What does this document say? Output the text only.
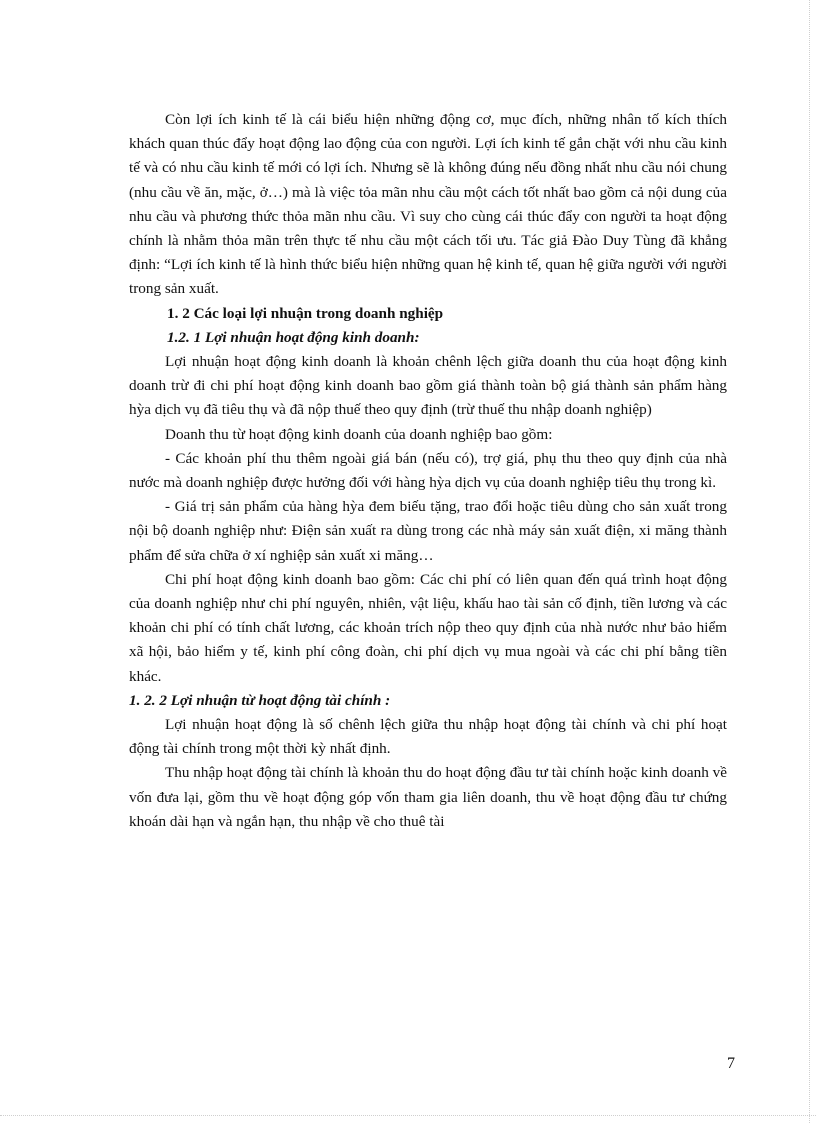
Còn lợi ích kinh tế là cái biểu hiện những động cơ, mục đích, những nhân tố kích thích khách quan thúc đẩy hoạt động lao động của con người. Lợi ích kinh tế gắn chặt với nhu cầu kinh tế và có nhu cầu kinh tế mới có lợi ích. Nhưng sẽ là không đúng nếu đồng nhất nhu cầu nói chung (nhu cầu về ăn, mặc, ở…) mà là việc tỏa mãn nhu cầu một cách tốt nhất bao gồm cả nội dung của nhu cầu và phương thức thỏa mãn nhu cầu. Vì suy cho cùng cái thúc đẩy con người ta hoạt động chính là nhằm thỏa mãn trên thực tế nhu cầu một cách tối ưu. Tác giả Đào Duy Tùng đã khẳng định: “Lợi ích kinh tế là hình thức biểu hiện những quan hệ kinh tế, quan hệ giữa người với người trong sản xuất.

1. 2 Các loại lợi nhuận trong doanh nghiệp

1.2. 1 Lợi nhuận hoạt động kinh doanh:

Lợi nhuận hoạt động kinh doanh là khoản chênh lệch giữa doanh thu của hoạt động kinh doanh trừ đi chi phí hoạt động kinh doanh bao gồm giá thành toàn bộ giá thành sản phẩm hàng hỳa dịch vụ đã tiêu thụ và đã nộp thuế theo quy định (trừ thuế thu nhập doanh nghiệp)

Doanh thu từ hoạt động kinh doanh của doanh nghiệp bao gồm:

- Các khoản phí thu thêm ngoài giá bán (nếu có), trợ giá, phụ thu theo quy định của nhà nước mà doanh nghiệp được hưởng đối với hàng hỳa dịch vụ của doanh nghiệp tiêu thụ trong kì.

- Giá trị sản phẩm của hàng hỳa đem biếu tặng, trao đổi hoặc tiêu dùng cho sản xuất trong nội bộ doanh nghiệp như: Điện sản xuất ra dùng trong các nhà máy sản xuất điện, xi măng thành phẩm để sửa chữa ở xí nghiệp sản xuất xi măng…

Chi phí hoạt động kinh doanh bao gồm: Các chi phí có liên quan đến quá trình hoạt động của doanh nghiệp như chi phí nguyên, nhiên, vật liệu, khấu hao tài sản cố định, tiền lương và các khoản chi phí có tính chất lương, các khoản trích nộp theo quy định của nhà nước như bảo hiểm xã hội, bảo hiểm y tế, kinh phí công đoàn, chi phí dịch vụ mua ngoài và các chi phí bằng tiền khác.

1. 2. 2 Lợi nhuận từ hoạt động tài chính :

Lợi nhuận hoạt động là số chênh lệch giữa thu nhập hoạt động tài chính và chi phí hoạt động tài chính trong một thời kỳ nhất định.

Thu nhập hoạt động tài chính là khoản thu do hoạt động đầu tư tài chính hoặc kinh doanh về vốn đưa lại, gồm thu về hoạt động góp vốn tham gia liên doanh, thu về hoạt động đầu tư chứng khoán dài hạn và ngắn hạn, thu nhập về cho thuê tài

7
